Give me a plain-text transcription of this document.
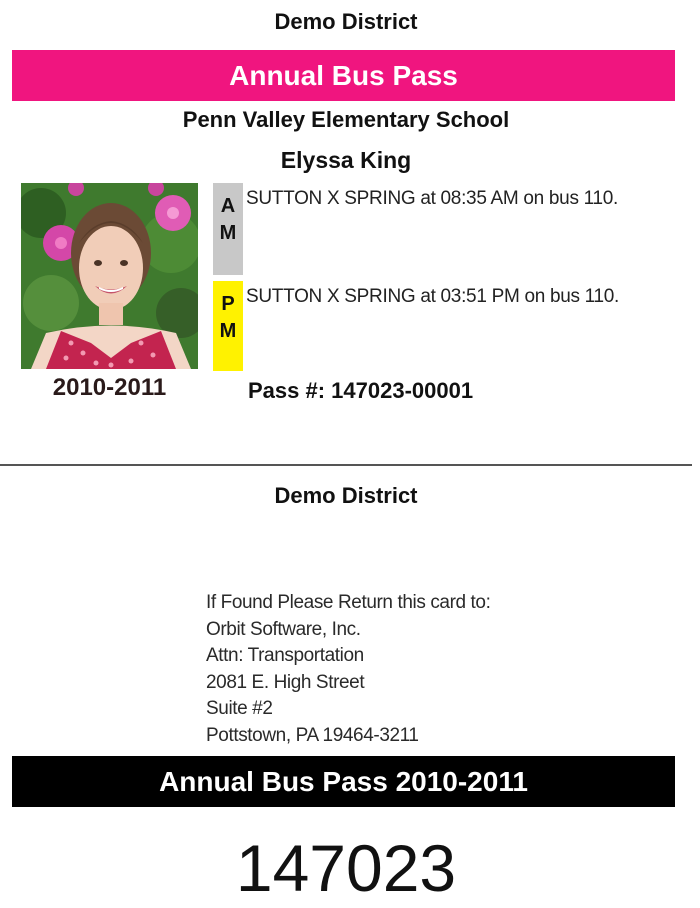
Demo District
Annual Bus Pass
Penn Valley Elementary School
Elyssa King
2010-2011
A
M
SUTTON X SPRING at 08:35 AM on bus 110.
P
M
SUTTON X SPRING at 03:51 PM on bus 110.
Pass #: 147023-00001
Demo District
If Found Please Return this card to:
Orbit Software, Inc.
Attn: Transportation
2081 E. High Street
Suite #2
Pottstown, PA 19464-3211
Annual Bus Pass 2010-2011
147023
